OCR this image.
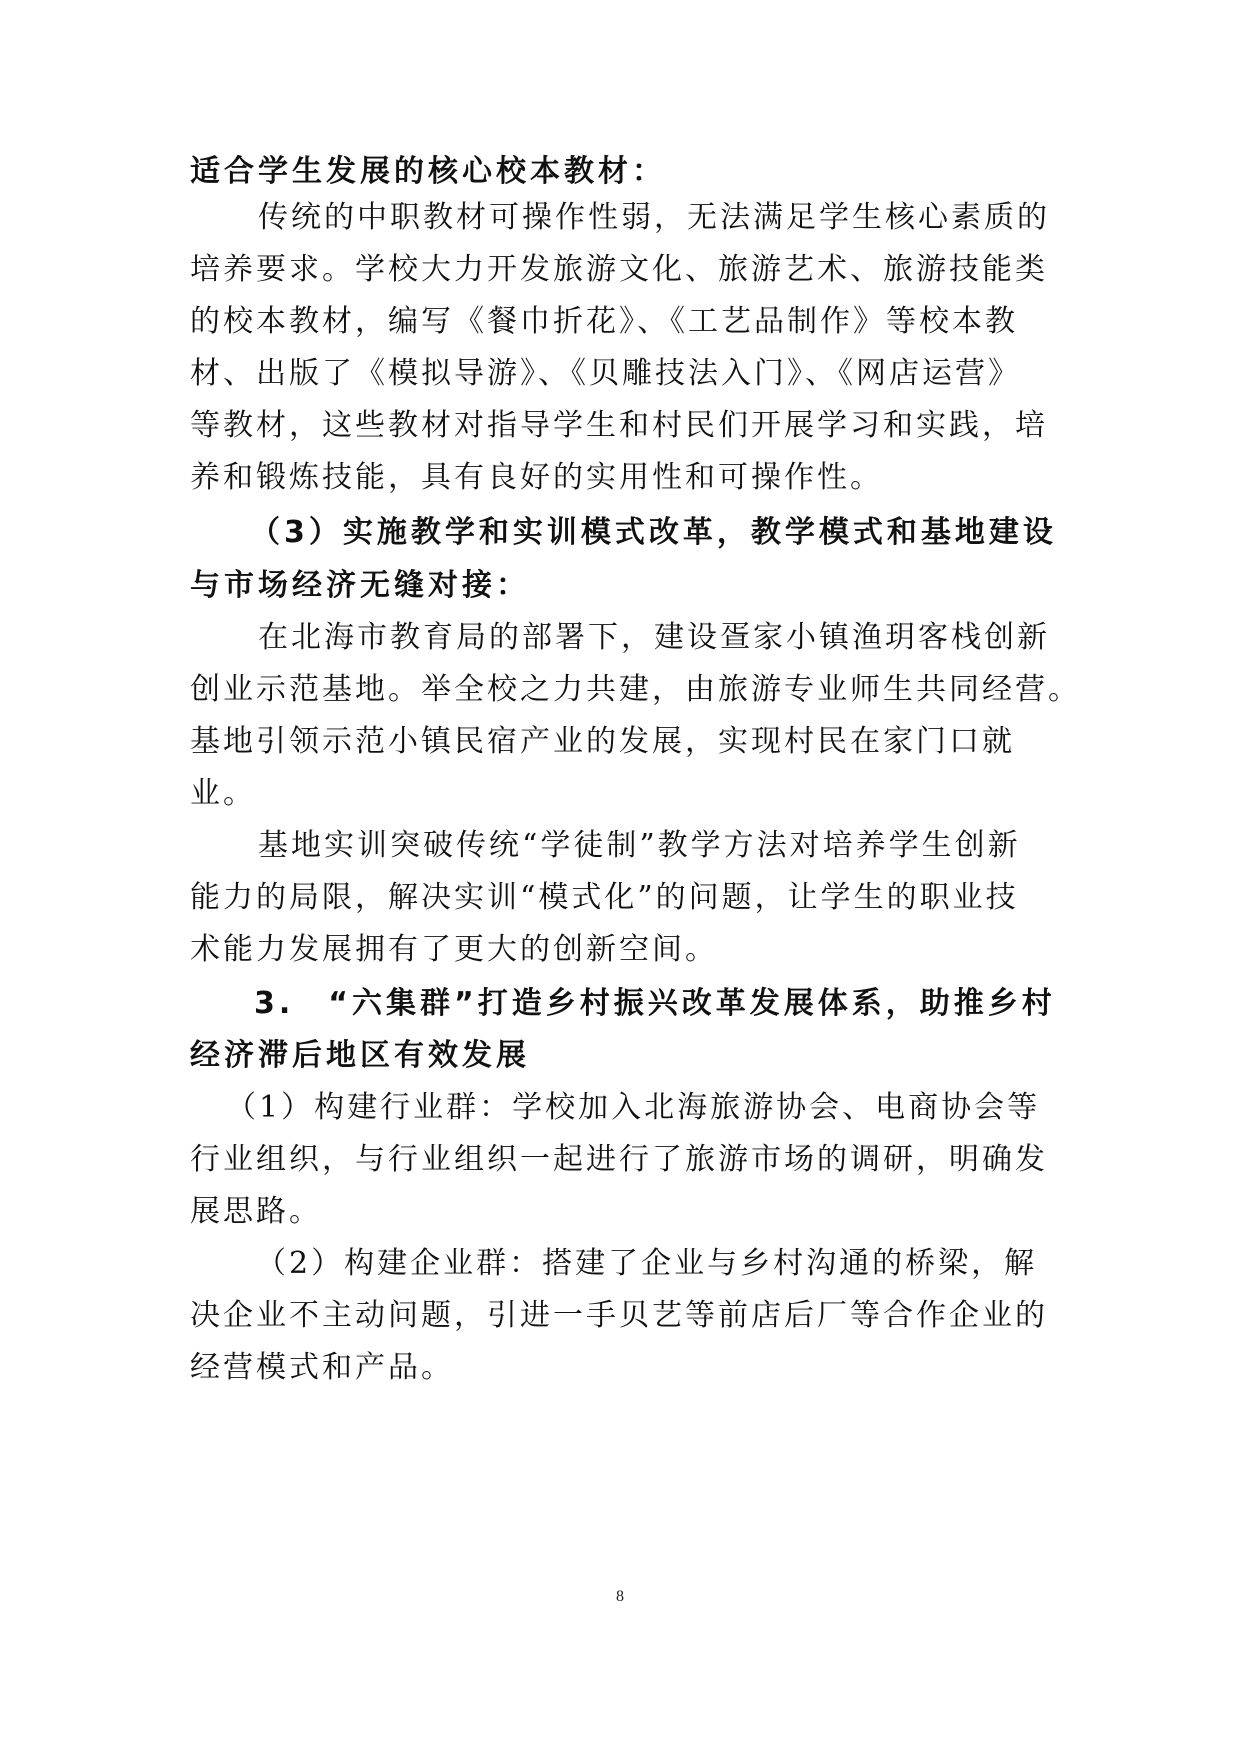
适合学生发展的核心校本教材：
传统的中职教材可操作性弱，无法满足学生核心素质的
培养要求。学校大力开发旅游文化、旅游艺术、旅游技能类
的校本教材，编写《餐巾折花》、《工艺品制作》等校本教
材、出版了《模拟导游》、《贝雕技法入门》、《网店运营》
等教材，这些教材对指导学生和村民们开展学习和实践，培
养和锻炼技能，具有良好的实用性和可操作性。
（3）实施教学和实训模式改革，教学模式和基地建设
与市场经济无缝对接：
在北海市教育局的部署下，建设疍家小镇渔玥客栈创新
创业示范基地。举全校之力共建，由旅游专业师生共同经营。
基地引领示范小镇民宿产业的发展，实现村民在家门口就
业。
基地实训突破传统“学徒制”教学方法对培养学生创新
能力的局限，解决实训“模式化”的问题，让学生的职业技
术能力发展拥有了更大的创新空间。
3.　“六集群”打造乡村振兴改革发展体系，助推乡村
经济滞后地区有效发展
（1）构建行业群：学校加入北海旅游协会、电商协会等
行业组织，与行业组织一起进行了旅游市场的调研，明确发
展思路。
（2）构建企业群：搭建了企业与乡村沟通的桥梁，解
决企业不主动问题，引进一手贝艺等前店后厂等合作企业的
经营模式和产品。
8
